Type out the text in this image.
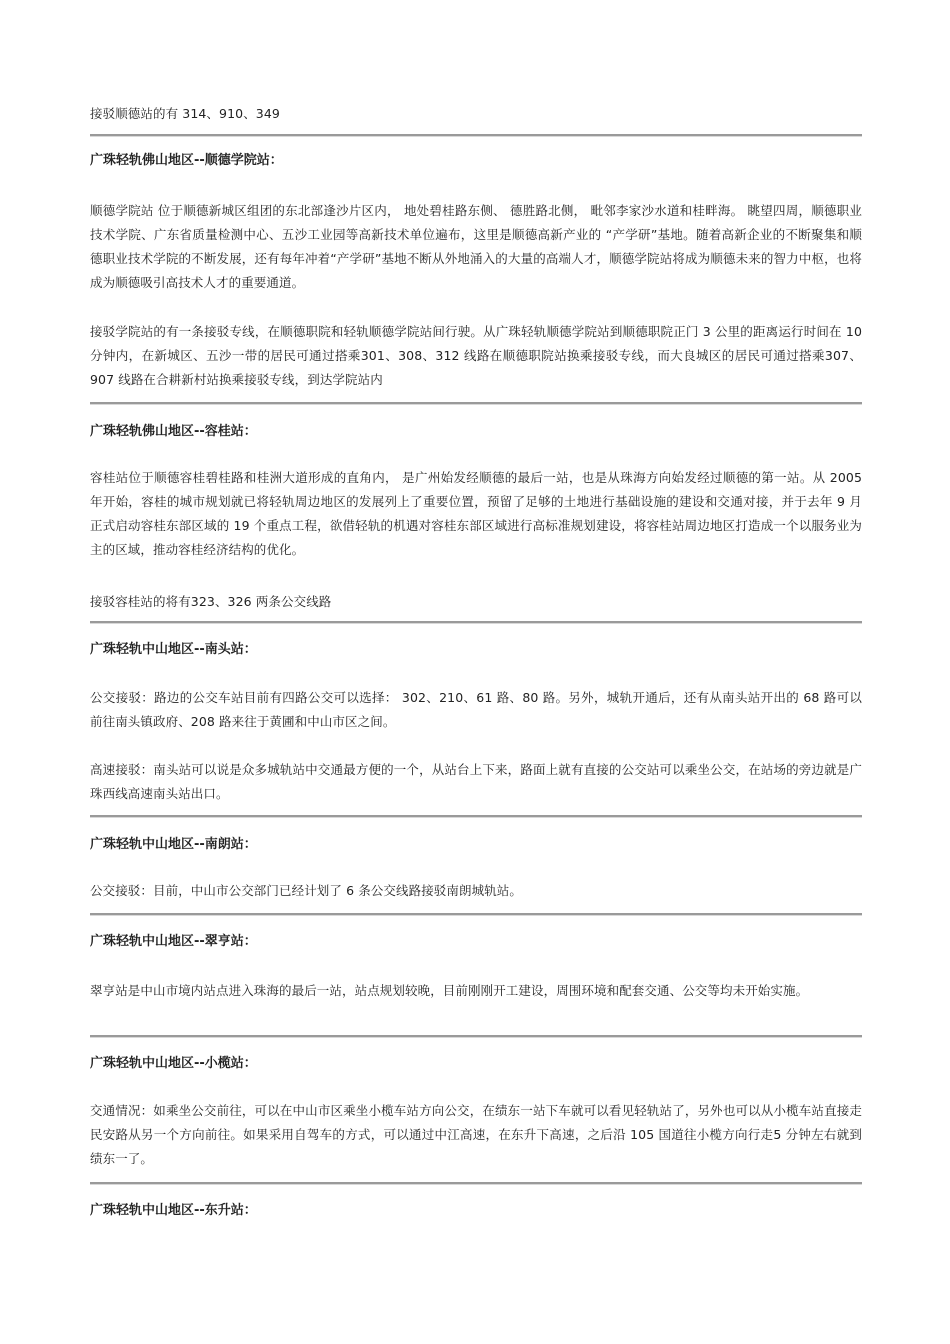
接驳顺德站的有 314、910、349

广珠轻轨佛山地区--顺德学院站：

顺德学院站 位于顺德新城区组团的东北部逢沙片区内， 地处碧桂路东侧、 德胜路北侧， 毗邻李家沙水道和桂畔海。 眺望四周，顺德职业技术学院、广东省质量检测中心、五沙工业园等高新技术单位遍布，这里是顺德高新产业的 “产学研”基地。随着高新企业的不断聚集和顺德职业技术学院的不断发展，还有每年冲着“产学研”基地不断从外地涌入的大量的高端人才，顺德学院站将成为顺德未来的智力中枢，也将成为顺德吸引高技术人才的重要通道。

接驳学院站的有一条接驳专线，在顺德职院和轻轨顺德学院站间行驶。从广珠轻轨顺德学院站到顺德职院正门 3 公里的距离运行时间在 10 分钟内，在新城区、五沙一带的居民可通过搭乘301、308、312 线路在顺德职院站换乘接驳专线，而大良城区的居民可通过搭乘307、907 线路在合耕新村站换乘接驳专线，到达学院站内

广珠轻轨佛山地区--容桂站：

容桂站位于顺德容桂碧桂路和桂洲大道形成的直角内， 是广州始发经顺德的最后一站，也是从珠海方向始发经过顺德的第一站。从 2005 年开始，容桂的城市规划就已将轻轨周边地区的发展列上了重要位置，预留了足够的土地进行基础设施的建设和交通对接，并于去年 9 月正式启动容桂东部区域的 19 个重点工程，欲借轻轨的机遇对容桂东部区域进行高标准规划建设，将容桂站周边地区打造成一个以服务业为主的区域，推动容桂经济结构的优化。

接驳容桂站的将有323、326 两条公交线路

广珠轻轨中山地区--南头站：

公交接驳：路边的公交车站目前有四路公交可以选择： 302、210、61 路、80 路。另外，城轨开通后，还有从南头站开出的 68 路可以前往南头镇政府、208 路来往于黄圃和中山市区之间。

高速接驳：南头站可以说是众多城轨站中交通最方便的一个，从站台上下来，路面上就有直接的公交站可以乘坐公交，在站场的旁边就是广珠西线高速南头站出口。

广珠轻轨中山地区--南朗站：

公交接驳：目前，中山市公交部门已经计划了 6 条公交线路接驳南朗城轨站。

广珠轻轨中山地区--翠亨站：

翠亨站是中山市境内站点进入珠海的最后一站，站点规划较晚，目前刚刚开工建设，周围环境和配套交通、公交等均未开始实施。

广珠轻轨中山地区--小榄站：

交通情况：如乘坐公交前往，可以在中山市区乘坐小榄车站方向公交，在绩东一站下车就可以看见轻轨站了，另外也可以从小榄车站直接走民安路从另一个方向前往。如果采用自驾车的方式，可以通过中江高速，在东升下高速，之后沿 105 国道往小榄方向行走5 分钟左右就到绩东一了。

广珠轻轨中山地区--东升站：
